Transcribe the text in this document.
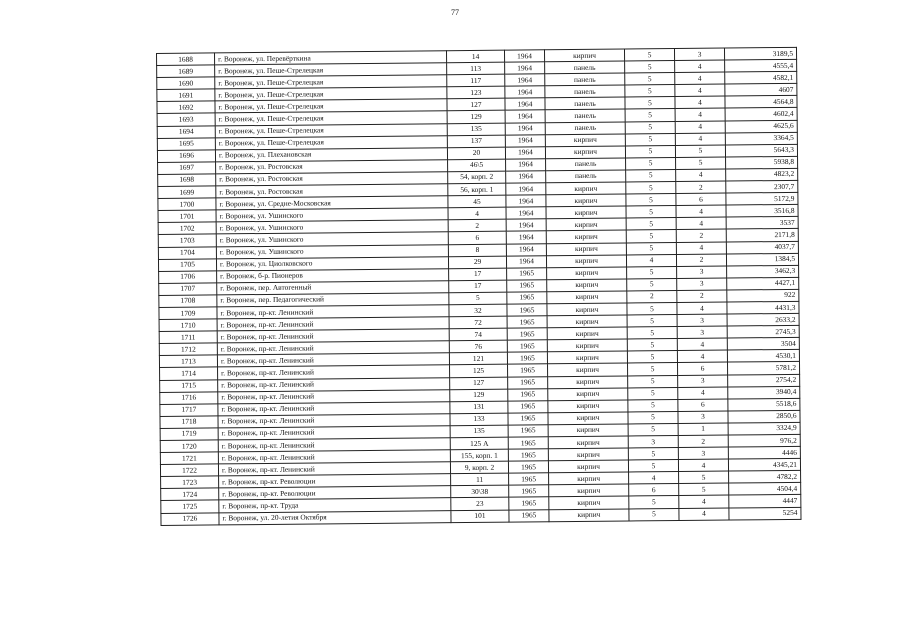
77
1688	г. Воронеж, ул. Перевёрткина	14	1964	кирпич	5	3	3189,5
1689	г. Воронеж, ул. Пеше-Стрелецкая	113	1964	панель	5	4	4555,4
1690	г. Воронеж, ул. Пеше-Стрелецкая	117	1964	панель	5	4	4582,1
1691	г. Воронеж, ул. Пеше-Стрелецкая	123	1964	панель	5	4	4607
1692	г. Воронеж, ул. Пеше-Стрелецкая	127	1964	панель	5	4	4564,8
1693	г. Воронеж, ул. Пеше-Стрелецкая	129	1964	панель	5	4	4602,4
1694	г. Воронеж, ул. Пеше-Стрелецкая	135	1964	панель	5	4	4625,6
1695	г. Воронеж, ул. Пеше-Стрелецкая	137	1964	кирпич	5	4	3364,5
1696	г. Воронеж, ул. Плехановская	20	1964	кирпич	5	5	5643,3
1697	г. Воронеж, ул. Ростовская	46\5	1964	панель	5	5	5938,8
1698	г. Воронеж, ул. Ростовская	54, корп. 2	1964	панель	5	4	4823,2
1699	г. Воронеж, ул. Ростовская	56, корп. 1	1964	кирпич	5	2	2307,7
1700	г. Воронеж, ул. Средне-Московская	45	1964	кирпич	5	6	5172,9
1701	г. Воронеж, ул. Ушинского	4	1964	кирпич	5	4	3516,8
1702	г. Воронеж, ул. Ушинского	2	1964	кирпич	5	4	3537
1703	г. Воронеж, ул. Ушинского	6	1964	кирпич	5	2	2171,8
1704	г. Воронеж, ул. Ушинского	8	1964	кирпич	5	4	4037,7
1705	г. Воронеж, ул. Циолковского	29	1964	кирпич	4	2	1384,5
1706	г. Воронеж, б-р. Пионеров	17	1965	кирпич	5	3	3462,3
1707	г. Воронеж, пер. Автогенный	17	1965	кирпич	5	3	4427,1
1708	г. Воронеж, пер. Педагогический	5	1965	кирпич	2	2	922
1709	г. Воронеж, пр-кт. Ленинский	32	1965	кирпич	5	4	4431,3
1710	г. Воронеж, пр-кт. Ленинский	72	1965	кирпич	5	3	2633,2
1711	г. Воронеж, пр-кт. Ленинский	74	1965	кирпич	5	3	2745,3
1712	г. Воронеж, пр-кт. Ленинский	76	1965	кирпич	5	4	3504
1713	г. Воронеж, пр-кт. Ленинский	121	1965	кирпич	5	4	4530,1
1714	г. Воронеж, пр-кт. Ленинский	125	1965	кирпич	5	6	5781,2
1715	г. Воронеж, пр-кт. Ленинский	127	1965	кирпич	5	3	2754,2
1716	г. Воронеж, пр-кт. Ленинский	129	1965	кирпич	5	4	3940,4
1717	г. Воронеж, пр-кт. Ленинский	131	1965	кирпич	5	6	5518,6
1718	г. Воронеж, пр-кт. Ленинский	133	1965	кирпич	5	3	2850,6
1719	г. Воронеж, пр-кт. Ленинский	135	1965	кирпич	5	1	3324,9
1720	г. Воронеж, пр-кт. Ленинский	125 А	1965	кирпич	3	2	976,2
1721	г. Воронеж, пр-кт. Ленинский	155, корп. 1	1965	кирпич	5	3	4446
1722	г. Воронеж, пр-кт. Ленинский	9, корп. 2	1965	кирпич	5	4	4345,21
1723	г. Воронеж, пр-кт. Революции	11	1965	кирпич	4	5	4782,2
1724	г. Воронеж, пр-кт. Революции	30\38	1965	кирпич	6	5	4504,4
1725	г. Воронеж, пр-кт. Труда	23	1965	кирпич	5	4	4447
1726	г. Воронеж, ул. 20-летия Октября	101	1965	кирпич	5	4	5254
